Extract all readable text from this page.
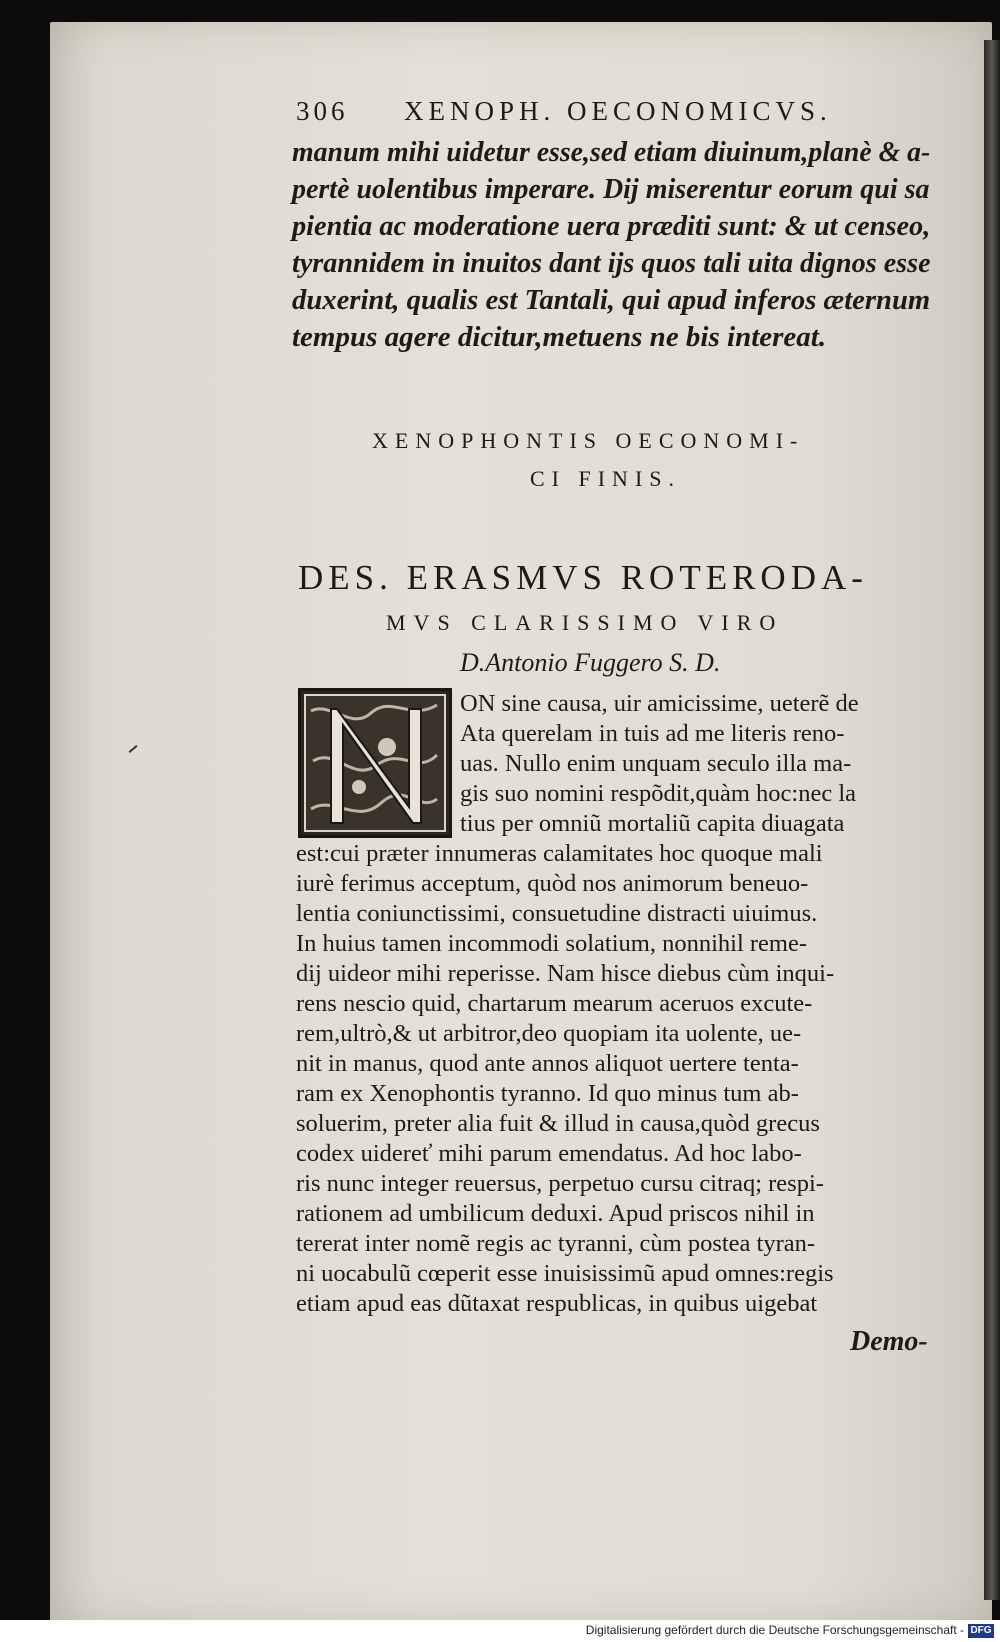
306 XENOPH. OECONOMICVS.
manum mihi uidetur esse,sed etiam diuinum,planè & a-
pertè uolentibus imperare. Dij miserentur eorum qui sa
pientia ac moderatione uera præditi sunt: & ut censeo,
tyrannidem in inuitos dant ijs quos tali uita dignos esse
duxerint, qualis est Tantali, qui apud inferos æternum
tempus agere dicitur,metuens ne bis intereat.
XENOPHONTIS OECONOMI-
CI FINIS.
DES. ERASMVS ROTERODA-
MVS CLARISSIMO VIRO
D.Antonio Fuggero S. D.
ON sine causa, uir amicissime, ueterẽ de
Ata querelam in tuis ad me literis reno-
uas. Nullo enim unquam seculo illa ma-
gis suo nomini respõdit,quàm hoc:nec la
tius per omniũ mortaliũ capita diuagata
est:cui præter innumeras calamitates hoc quoque mali
iurè ferimus acceptum, quòd nos animorum beneuo-
lentia coniunctissimi, consuetudine distracti uiuimus.
In huius tamen incommodi solatium, nonnihil reme-
dĳ uideor mihi reperisse. Nam hisce diebus cùm inqui-
rens nescio quid, chartarum mearum aceruos excute-
rem,ultrò,& ut arbitror,deo quopiam ita uolente, ue-
nit in manus, quod ante annos aliquot uertere tenta-
ram ex Xenophontis tyranno. Id quo minus tum ab-
soluerim, preter alia fuit & illud in causa,quòd grecus
codex uidereť mihi parum emendatus. Ad hoc labo-
ris nunc integer reuersus, perpetuo cursu citraq; respi-
rationem ad umbilicum deduxi. Apud priscos nihil in
tererat inter nomẽ regis ac tyranni, cùm postea tyran-
ni uocabulũ cœperit esse inuisissimũ apud omnes:regis
etiam apud eas dũtaxat respublicas, in quibus uigebat
Demo-
Digitalisierung gefördert durch die Deutsche Forschungsgemeinschaft - DFG
